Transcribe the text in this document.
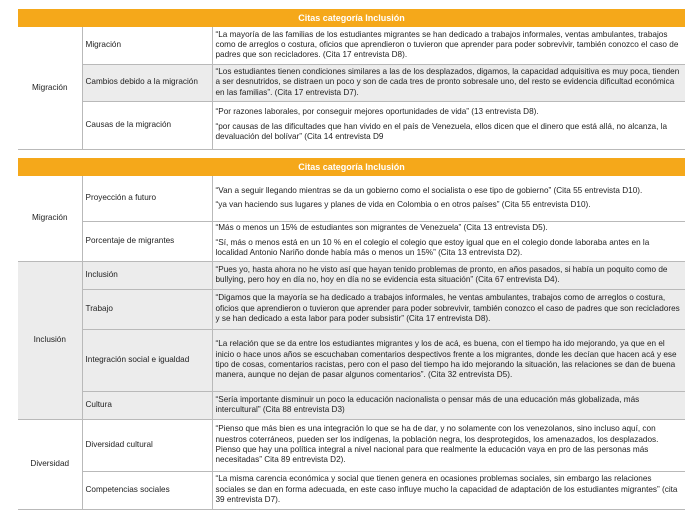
Citas categoría Inclusión		
Migración	Migración	“La mayoría de las familias de los estudiantes migrantes se han dedicado a trabajos informales, ventas ambulantes, trabajos como de arreglos o costura, oficios que aprendieron o tuvieron que aprender para poder sobrevivir, también conozco el caso de padres que son recicladores. (Cita 17 entrevista D8).

	Cambios debido a la migración	“Los estudiantes tienen condiciones similares a las de los desplazados, digamos, la capacidad adquisitiva es muy poca, tienden a ser desnutridos, se distraen un poco y son de cada tres de pronto sobresale uno, del resto se evidencia dificultad económica en las familias”. (Cita 17 entrevista D7).

	Causas de la migración	“Por razones laborales, por conseguir mejores oportunidades de vida” (13 entrevista D8).

“por causas de las dificultades que han vivido en el país de Venezuela, ellos dicen que el dinero que está allá, no alcanza, la devaluación del bolívar” (Cita 14 entrevista D9

Citas categoría Inclusión		
Migración	Proyección a futuro	“Van a seguir llegando mientras se da un gobierno como el socialista o ese tipo de gobierno” (Cita 55 entrevista D10).

“ya van haciendo sus lugares y planes de vida en Colombia o en otros países” (Cita 55 entrevista D10).

	Porcentaje de migrantes	“Más o menos un 15% de estudiantes son migrantes de Venezuela” (Cita 13 entrevista D5).

“Sí, más o menos está en un 10 % en el colegio el colegio que estoy igual que en el colegio donde laboraba antes en la localidad Antonio Nariño donde había más o menos un 15%” (Cita 13 entrevista D2).

Inclusión	Inclusión	“Pues yo, hasta ahora no he visto así que hayan tenido problemas de pronto, en años pasados, si había un poquito como de bullying, pero hoy en día no, hoy en día no se evidencia esta situación” (Cita 67 entrevista D4).

	Trabajo	“Digamos que la mayoría se ha dedicado a trabajos informales, he ventas ambulantes, trabajos como de arreglos o costura, oficios que aprendieron o tuvieron que aprender para poder sobrevivir, también conozco el caso de padres que son recicladores y se han dedicado a esta labor para poder subsistir” (Cita 17 entrevista D8).

	Integración social e igualdad	“La relación que se da entre los estudiantes migrantes y los de acá, es buena, con el tiempo ha ido mejorando, ya que en el inicio o hace unos años se escuchaban comentarios despectivos frente a los migrantes, donde les decían que hacen acá y ese tipo de cosas, comentarios racistas, pero con el paso del tiempo ha ido mejorando la situación, las relaciones se dan de buena manera, aunque no dejan de pasar algunos comentarios”. (Cita 32 entrevista D5).

	Cultura	“Sería importante disminuir un poco la educación nacionalista o pensar más de una educación más globalizada, más intercultural” (Cita 88 entrevista D3)

Diversidad	Diversidad cultural	“Pienso que más bien es una integración lo que se ha de dar, y no solamente con los venezolanos, sino incluso aquí, con nuestros coterráneos, pueden ser los indígenas, la población negra, los desprotegidos, los amenazados, los desplazados. Pienso que hay una política integral a nivel nacional para que realmente la educación vaya en pro de las personas más necesitadas” Cita 89 entrevista D2).

	Competencias sociales	“La misma carencia económica y social que tienen genera en ocasiones problemas sociales, sin embargo las relaciones sociales se dan en forma adecuada, en este caso influye mucho la capacidad de adaptación de los estudiantes migrantes” (cita 39 entrevista D7).
